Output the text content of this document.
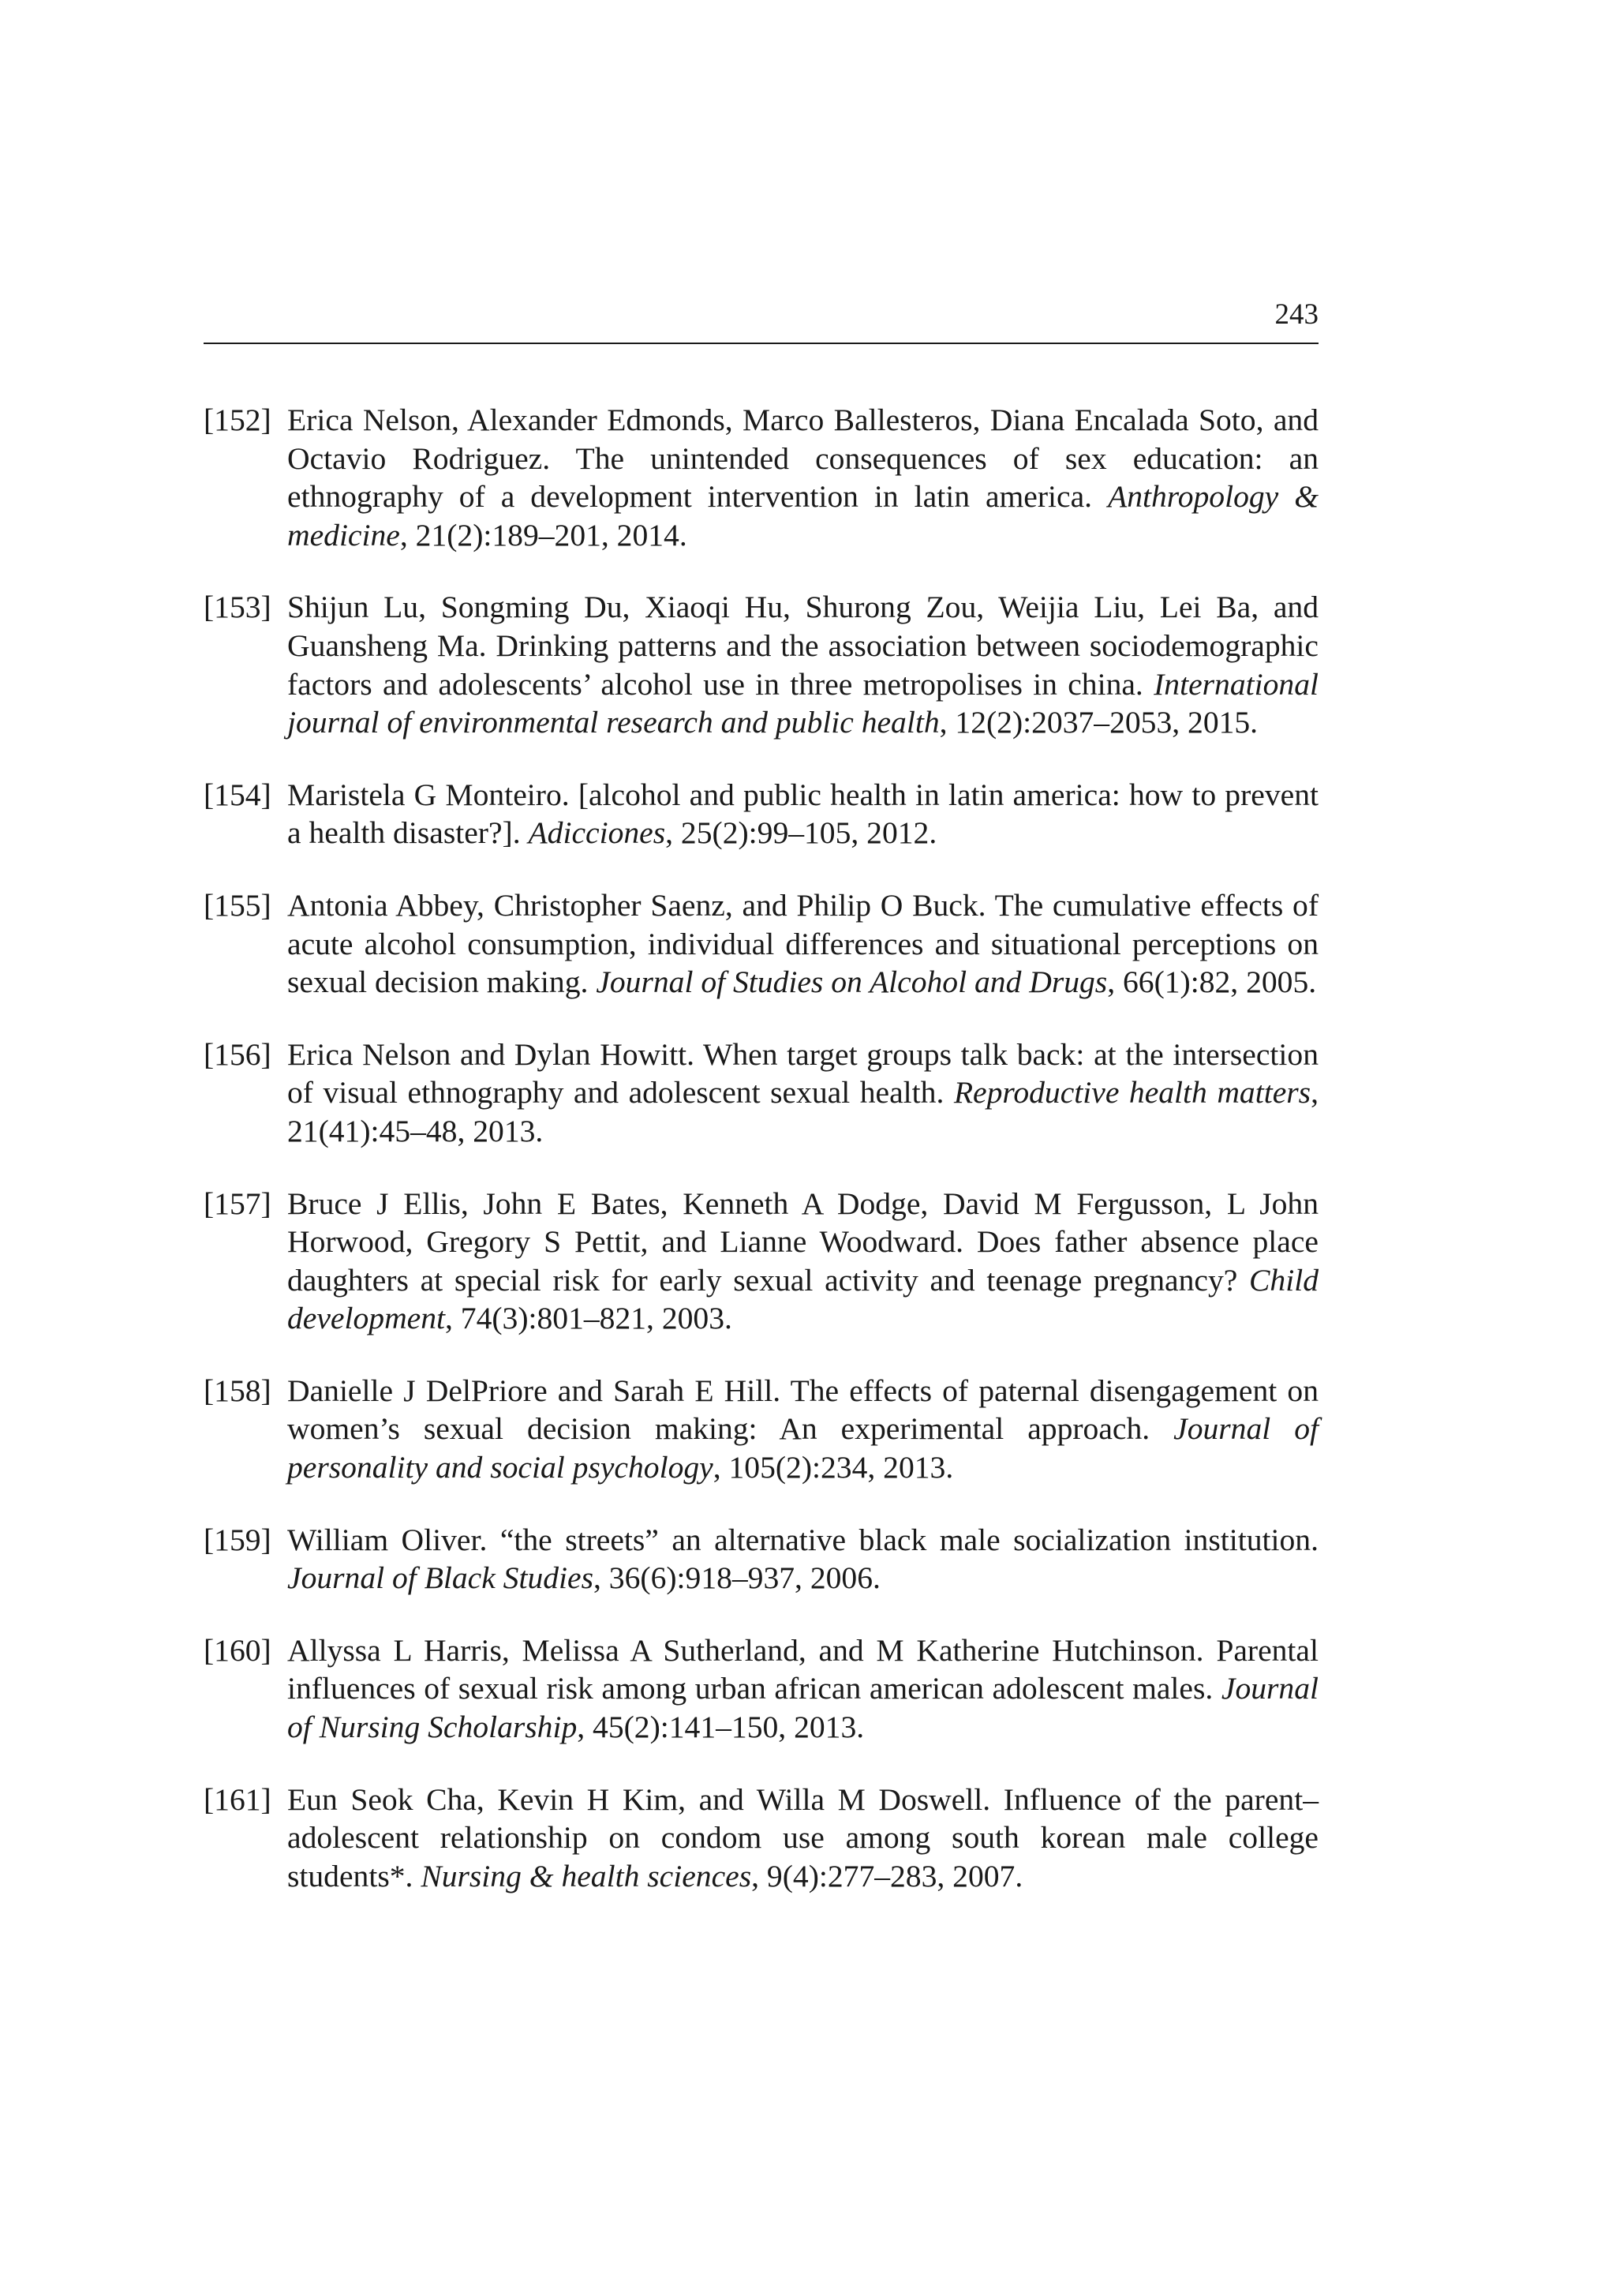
243
[152] Erica Nelson, Alexander Edmonds, Marco Ballesteros, Diana Encalada Soto, and Octavio Rodriguez. The unintended consequences of sex education: an ethnography of a development intervention in latin america. Anthropology & medicine, 21(2):189–201, 2014.
[153] Shijun Lu, Songming Du, Xiaoqi Hu, Shurong Zou, Weijia Liu, Lei Ba, and Guansheng Ma. Drinking patterns and the association between sociodemographic factors and adolescents’ alcohol use in three metropolises in china. International journal of environmental research and public health, 12(2):2037–2053, 2015.
[154] Maristela G Monteiro. [alcohol and public health in latin america: how to prevent a health disaster?]. Adicciones, 25(2):99–105, 2012.
[155] Antonia Abbey, Christopher Saenz, and Philip O Buck. The cumulative effects of acute alcohol consumption, individual differences and situational perceptions on sexual decision making. Journal of Studies on Alcohol and Drugs, 66(1):82, 2005.
[156] Erica Nelson and Dylan Howitt. When target groups talk back: at the intersection of visual ethnography and adolescent sexual health. Reproductive health matters, 21(41):45–48, 2013.
[157] Bruce J Ellis, John E Bates, Kenneth A Dodge, David M Fergusson, L John Horwood, Gregory S Pettit, and Lianne Woodward. Does father absence place daughters at special risk for early sexual activity and teenage pregnancy? Child development, 74(3):801–821, 2003.
[158] Danielle J DelPriore and Sarah E Hill. The effects of paternal disengagement on women’s sexual decision making: An experimental approach. Journal of personality and social psychology, 105(2):234, 2013.
[159] William Oliver. “the streets” an alternative black male socialization institution. Journal of Black Studies, 36(6):918–937, 2006.
[160] Allyssa L Harris, Melissa A Sutherland, and M Katherine Hutchinson. Parental influences of sexual risk among urban african american adolescent males. Journal of Nursing Scholarship, 45(2):141–150, 2013.
[161] Eun Seok Cha, Kevin H Kim, and Willa M Doswell. Influence of the parent–adolescent relationship on condom use among south korean male college students*. Nursing & health sciences, 9(4):277–283, 2007.
